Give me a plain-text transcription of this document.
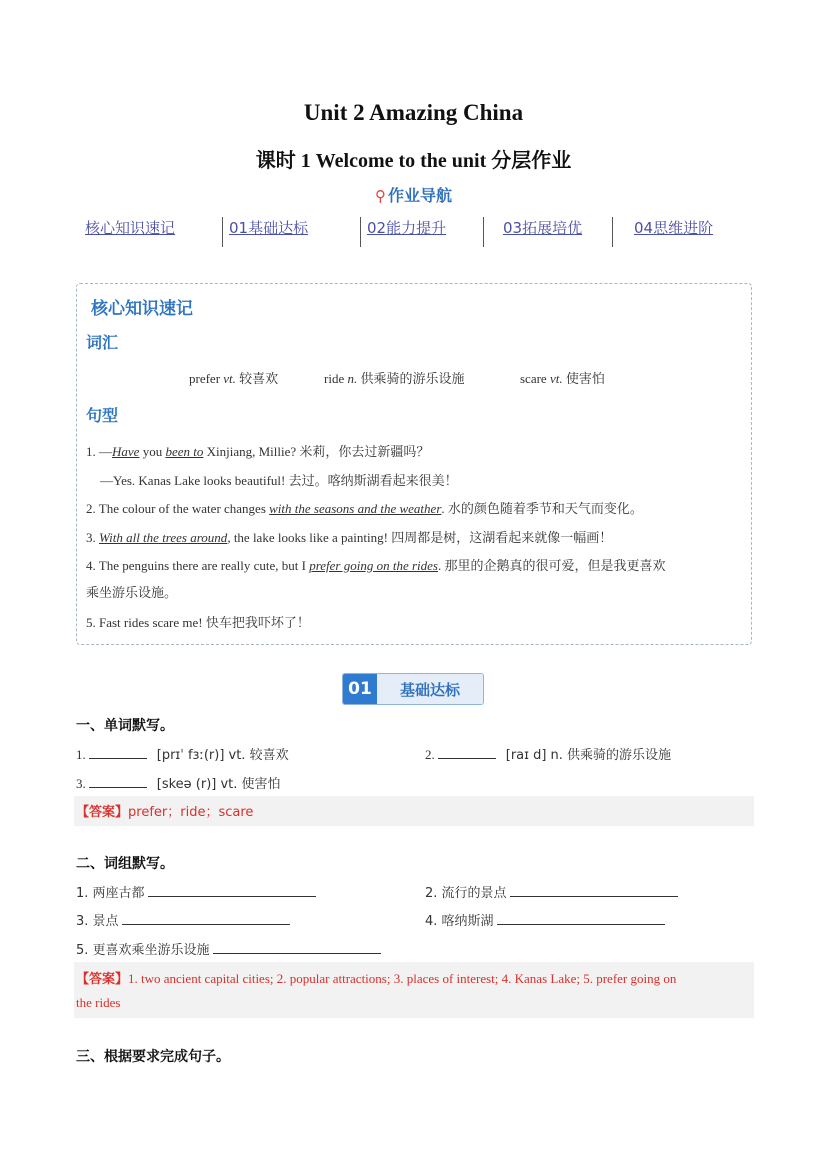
Unit 2 Amazing China
课时 1 Welcome to the unit 分层作业
⚲ 作业导航
核心知识速记	01基础达标	02能力提升	03拓展培优	04思维进阶
核心知识速记
词汇
prefer vt. 较喜欢	ride n. 供乘骑的游乐设施	scare vt. 使害怕
句型
1. —Have you been to Xinjiang, Millie? 米莉，你去过新疆吗？
—Yes. Kanas Lake looks beautiful! 去过。喀纳斯湖看起来很美！
2. The colour of the water changes with the seasons and the weather. 水的颜色随着季节和天气而变化。
3. With all the trees around, the lake looks like a painting! 四周都是树，这湖看起来就像一幅画！
4. The penguins there are really cute, but I prefer going on the rides. 那里的企鹅真的很可爱，但是我更喜欢
乘坐游乐设施。
5. Fast rides scare me! 快车把我吓坏了！
01	基础达标
一、单词默写。
1.	[prɪˈ fɜː(r)] vt. 较喜欢	2.	[raɪ d] n. 供乘骑的游乐设施
3.	[skeə (r)] vt. 使害怕
【答案】prefer；ride；scare
二、词组默写。
1. 两座古都	2. 流行的景点
3. 景点	4. 喀纳斯湖
5. 更喜欢乘坐游乐设施
【答案】1. two ancient capital cities; 2. popular attractions; 3. places of interest; 4. Kanas Lake; 5. prefer going on
the rides
三、根据要求完成句子。
